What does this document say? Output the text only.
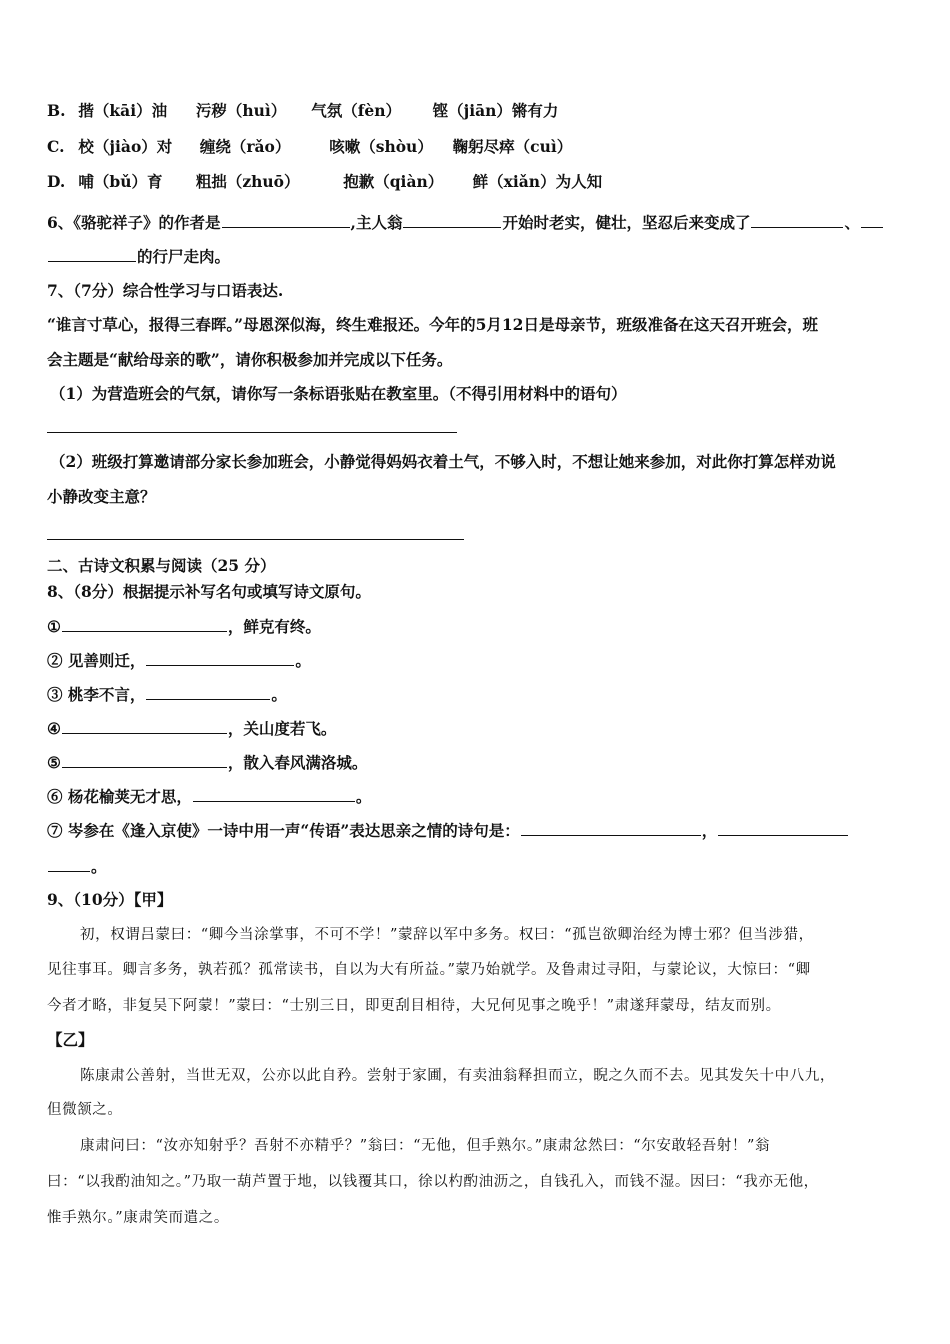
B. 揩（kāi）油 污秽（huì） 气氛（fèn） 铿（jiān）锵有力
C. 校（jiào）对 缠绕（rǎo）	咳嗽（shòu） 鞠躬尽瘁（cuì）
D. 哺（bǔ）育 粗拙（zhuō）	抱歉（qiàn） 鲜（xiǎn）为人知
6、《骆驼祥子》的作者是	,主人翁	开始时老实，健壮，坚忍后来变成了	、
的行尸走肉。
7、（7分）综合性学习与口语表达.
“谁言寸草心，报得三春晖。”母恩深似海，终生难报还。今年的5月12日是母亲节，班级准备在这天召开班会，班
会主题是“献给母亲的歌”，请你积极参加并完成以下任务。
（1）为营造班会的气氛，请你写一条标语张贴在教室里。（不得引用材料中的语句）
（2）班级打算邀请部分家长参加班会，小静觉得妈妈衣着土气，不够入时，不想让她来参加，对此你打算怎样劝说
小静改变主意？
二、古诗文积累与阅读（25 分）
8、（8分）根据提示补写名句或填写诗文原句。
①	，鲜克有终。
② 见善则迁，	。
③ 桃李不言，	。
④	，关山度若飞。
⑤	，散入春风满洛城。
⑥ 杨花榆荚无才思，	。
⑦ 岑参在《逢入京使》一诗中用一声“传语”表达思亲之情的诗句是：	，
。
9、（10分）【甲】
初，权谓吕蒙曰：“卿今当涂掌事，不可不学！”蒙辞以军中多务。权曰：“孤岂欲卿治经为博士邪？但当涉猎，
见往事耳。卿言多务，孰若孤？孤常读书，自以为大有所益。”蒙乃始就学。及鲁肃过寻阳，与蒙论议，大惊曰：“卿
今者才略，非复吴下阿蒙！”蒙曰：“士别三日，即更刮目相待，大兄何见事之晚乎！”肃遂拜蒙母，结友而别。
【乙】
陈康肃公善射，当世无双，公亦以此自矜。尝射于家圃，有卖油翁释担而立，睨之久而不去。见其发矢十中八九，
但微颔之。
康肃问曰：“汝亦知射乎？吾射不亦精乎？”翁曰：“无他，但手熟尔。”康肃忿然曰：“尔安敢轻吾射！”翁
曰：“以我酌油知之。”乃取一葫芦置于地，以钱覆其口，徐以杓酌油沥之，自钱孔入，而钱不湿。因曰：“我亦无他，
惟手熟尔。”康肃笑而遣之。
